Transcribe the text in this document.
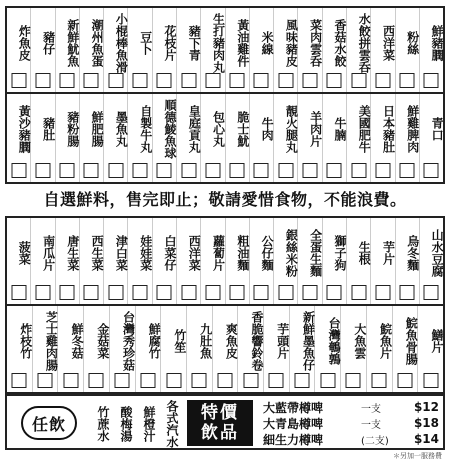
炸魚皮 豬仔 新鮮魷魚 潮州魚蛋 小棍棒魚滑 豆卜 花枝片 豬下青 生打豬肉丸 黃油雞件 米線 風味豬皮 菜肉雲呑 香菇水餃 水餃拼雲呑 西洋菜 粉絲 鮮豬膶
黃沙豬膶 豬肚 豬粉腸 鮮肥腸 墨魚丸 自製牛丸 順德鯪魚球 皇庭貢丸 包心丸 脆士魷 牛肉 靚火腿丸 羊肉片 牛腩 美國肥牛 日本豬肚 鮮雞脾肉 青口
自選鮮料，售完即止；敬請愛惜食物，不能浪費。
菠菜 南瓜片 唐生菜 西生菜 津白菜 娃娃菜 白菜仔 西洋菜 蘿蔔片 粗油麵 公仔麵 銀絲米粉 全蛋生麵 獅子狗 生根 芋片 烏冬麵 山水豆腐
炸枝竹 芝士雞肉腸 鮮冬菇 金菇菜 台灣秀珍菇 鮮腐竹 竹笙 九肚魚 爽魚皮 香脆響鈴卷 芋頭片 新鮮墨魚仔 台灣鵪鶉 大魚雲 鯇魚片 鯇魚骨腸 鱔片
任飲	竹蔗水 酸梅湯 鮮橙汁 各式汽水 特價
飲品
大藍帶樽啤	一支	$12
大青島樽啤	一支	$18
細生力樽啤	(二支)	$14
＊另加一服務費
